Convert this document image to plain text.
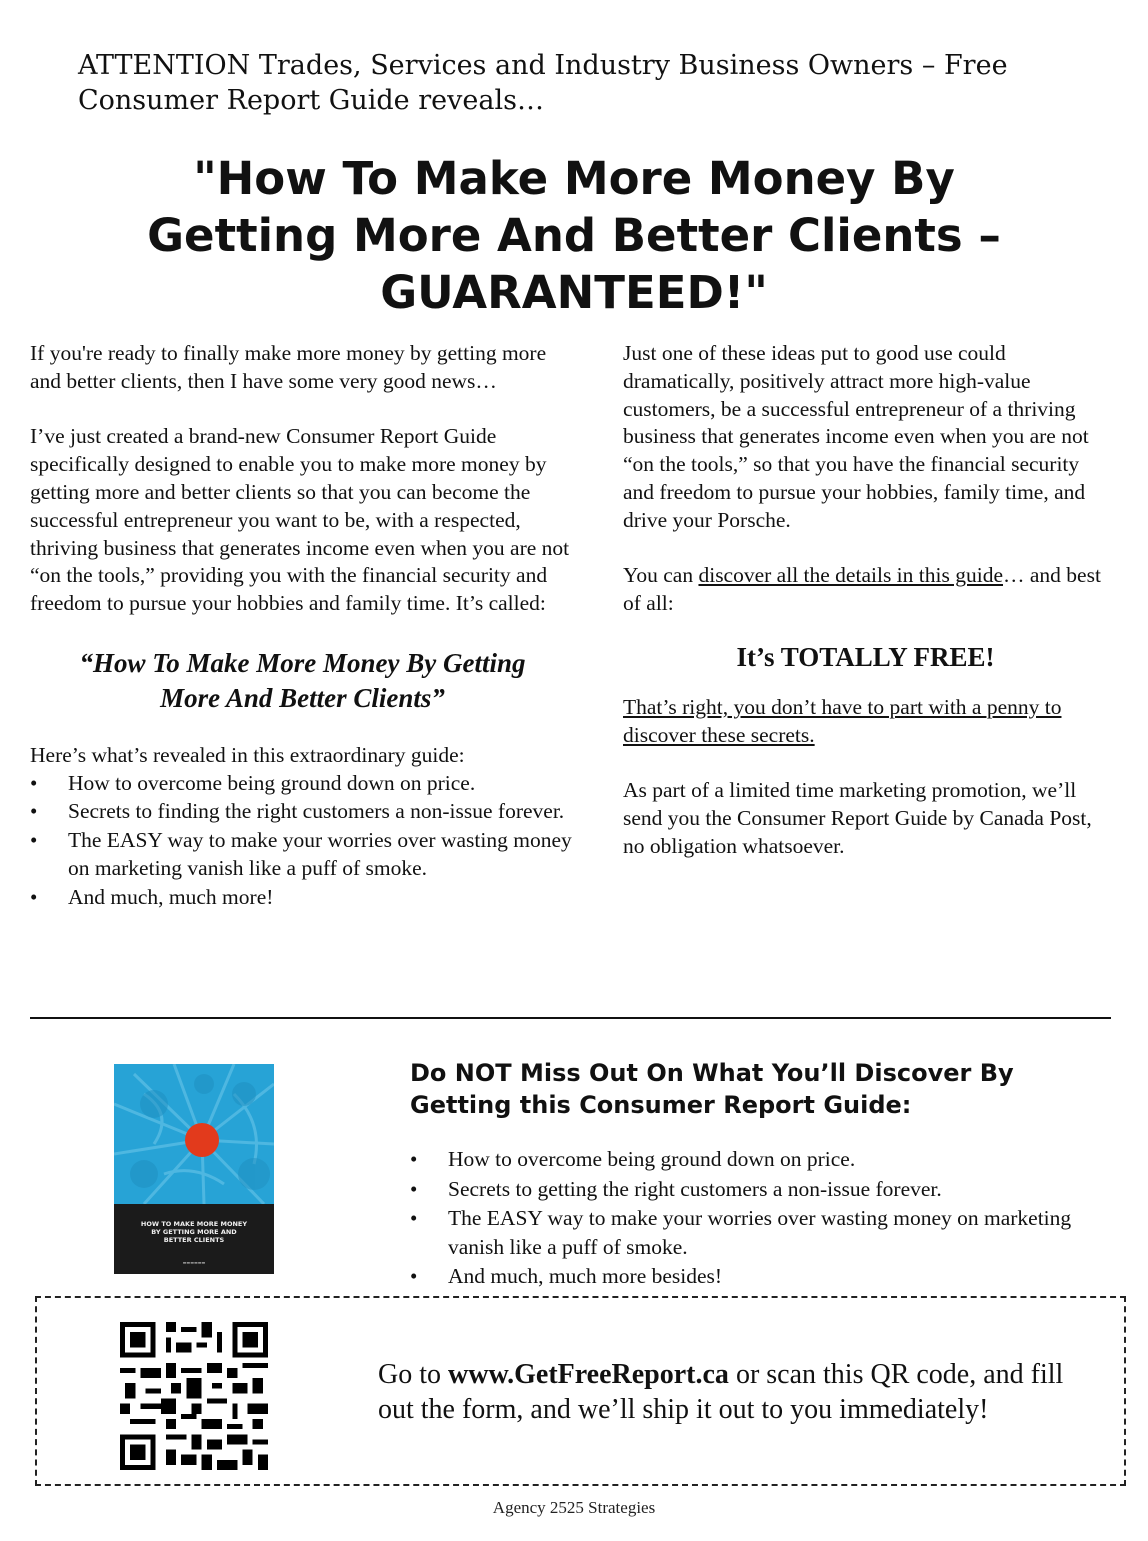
ATTENTION Trades, Services and Industry Business Owners – Free Consumer Report Guide reveals…
"How To Make More Money By
Getting More And Better Clients –
GUARANTEED!"

If you're ready to finally make more money by getting more and better clients, then I have some very good news…

I’ve just created a brand-new Consumer Report Guide specifically designed to enable you to make more money by getting more and better clients so that you can become the successful entrepreneur you want to be, with a respected, thriving business that generates income even when you are not “on the tools,” providing you with the financial security and freedom to pursue your hobbies and family time. It’s called:

“How To Make More Money By Getting
More And Better Clients”
Here’s what’s revealed in this extraordinary guide:
• How to overcome being ground down on price.
• Secrets to finding the right customers a non-issue forever.
• The EASY way to make your worries over wasting money on marketing vanish like a puff of smoke.
• And much, much more!

Just one of these ideas put to good use could dramatically, positively attract more high-value customers, be a successful entrepreneur of a thriving business that generates income even when you are not “on the tools,” so that you have the financial security and freedom to pursue your hobbies, family time, and drive your Porsche.

You can discover all the details in this guide… and best of all:

It’s TOTALLY FREE!

That’s right, you don’t have to part with a penny to discover these secrets.

As part of a limited time marketing promotion, we’ll send you the Consumer Report Guide by Canada Post, no obligation whatsoever.

HOW TO MAKE MORE MONEY
BY GETTING MORE AND
BETTER CLIENTS
▬▬▬▬▬▬
Do NOT Miss Out On What You’ll Discover By Getting this Consumer Report Guide:
• How to overcome being ground down on price.
• Secrets to getting the right customers a non-issue forever.
• The EASY way to make your worries over wasting money on marketing vanish like a puff of smoke.
• And much, much more besides!
Go to www.GetFreeReport.ca or scan this QR code, and fill out the form, and we’ll ship it out to you immediately!
Agency 2525 Strategies
